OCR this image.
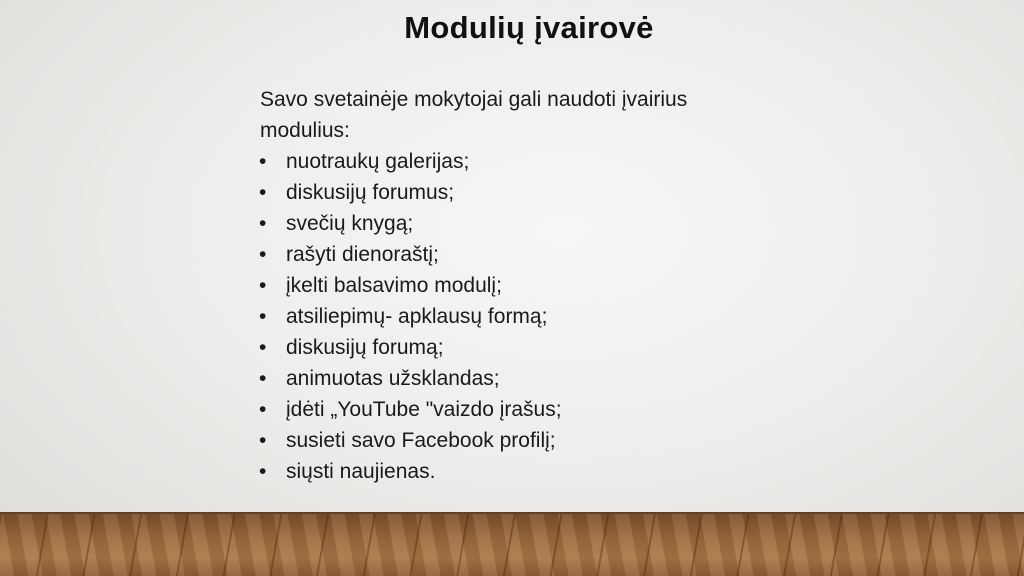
Modulių įvairovė
Savo svetainėje mokytojai gali naudoti įvairius modulius:
• nuotraukų galerijas;
• diskusijų forumus;
• svečių knygą;
• rašyti dienoraštį;
• įkelti balsavimo modulį;
• atsiliepimų- apklausų formą;
• diskusijų forumą;
• animuotas užsklandas;
• įdėti „YouTube "vaizdo įrašus;
• susieti savo Facebook profilį;
• siųsti naujienas.
